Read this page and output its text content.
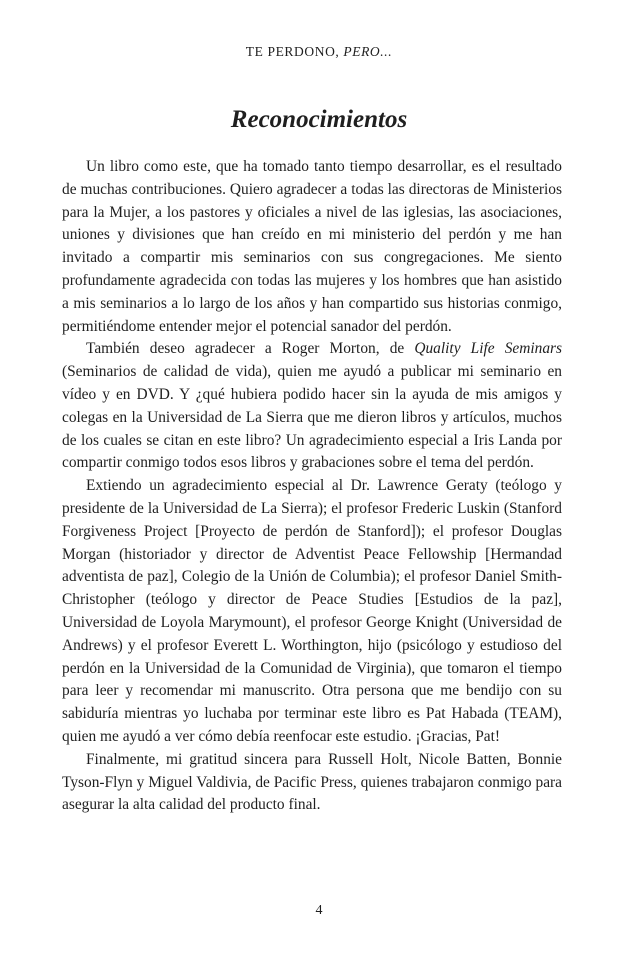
TE PERDONO, PERO...
Reconocimientos

Un libro como este, que ha tomado tanto tiempo desarrollar, es el resultado de muchas contribuciones. Quiero agradecer a todas las directoras de Ministerios para la Mujer, a los pastores y oficiales a nivel de las iglesias, las asociaciones, uniones y divisiones que han creído en mi ministerio del perdón y me han invitado a compartir mis seminarios con sus congregaciones. Me siento profundamente agradecida con todas las mujeres y los hombres que han asistido a mis seminarios a lo largo de los años y han compartido sus historias conmigo, permitiéndome entender mejor el potencial sanador del perdón.

También deseo agradecer a Roger Morton, de Quality Life Seminars (Seminarios de calidad de vida), quien me ayudó a publicar mi seminario en vídeo y en DVD. Y ¿qué hubiera podido hacer sin la ayuda de mis amigos y colegas en la Universidad de La Sierra que me dieron libros y artículos, muchos de los cuales se citan en este libro? Un agradecimiento especial a Iris Landa por compartir conmigo todos esos libros y grabaciones sobre el tema del perdón.

Extiendo un agradecimiento especial al Dr. Lawrence Geraty (teólogo y presidente de la Universidad de La Sierra); el profesor Frederic Luskin (Stanford Forgiveness Project [Proyecto de perdón de Stanford]); el profesor Douglas Morgan (historiador y director de Adventist Peace Fellowship [Hermandad adventista de paz], Colegio de la Unión de Columbia); el profesor Daniel Smith-Christopher (teólogo y director de Peace Studies [Estudios de la paz], Universidad de Loyola Marymount), el profesor George Knight (Universidad de Andrews) y el profesor Everett L. Worthington, hijo (psicólogo y estudioso del perdón en la Universidad de la Comunidad de Virginia), que tomaron el tiempo para leer y recomendar mi manuscrito. Otra persona que me bendijo con su sabiduría mientras yo luchaba por terminar este libro es Pat Habada (TEAM), quien me ayudó a ver cómo debía reenfocar este estudio. ¡Gracias, Pat!

Finalmente, mi gratitud sincera para Russell Holt, Nicole Batten, Bonnie Tyson-Flyn y Miguel Valdivia, de Pacific Press, quienes trabajaron conmigo para asegurar la alta calidad del producto final.

4
